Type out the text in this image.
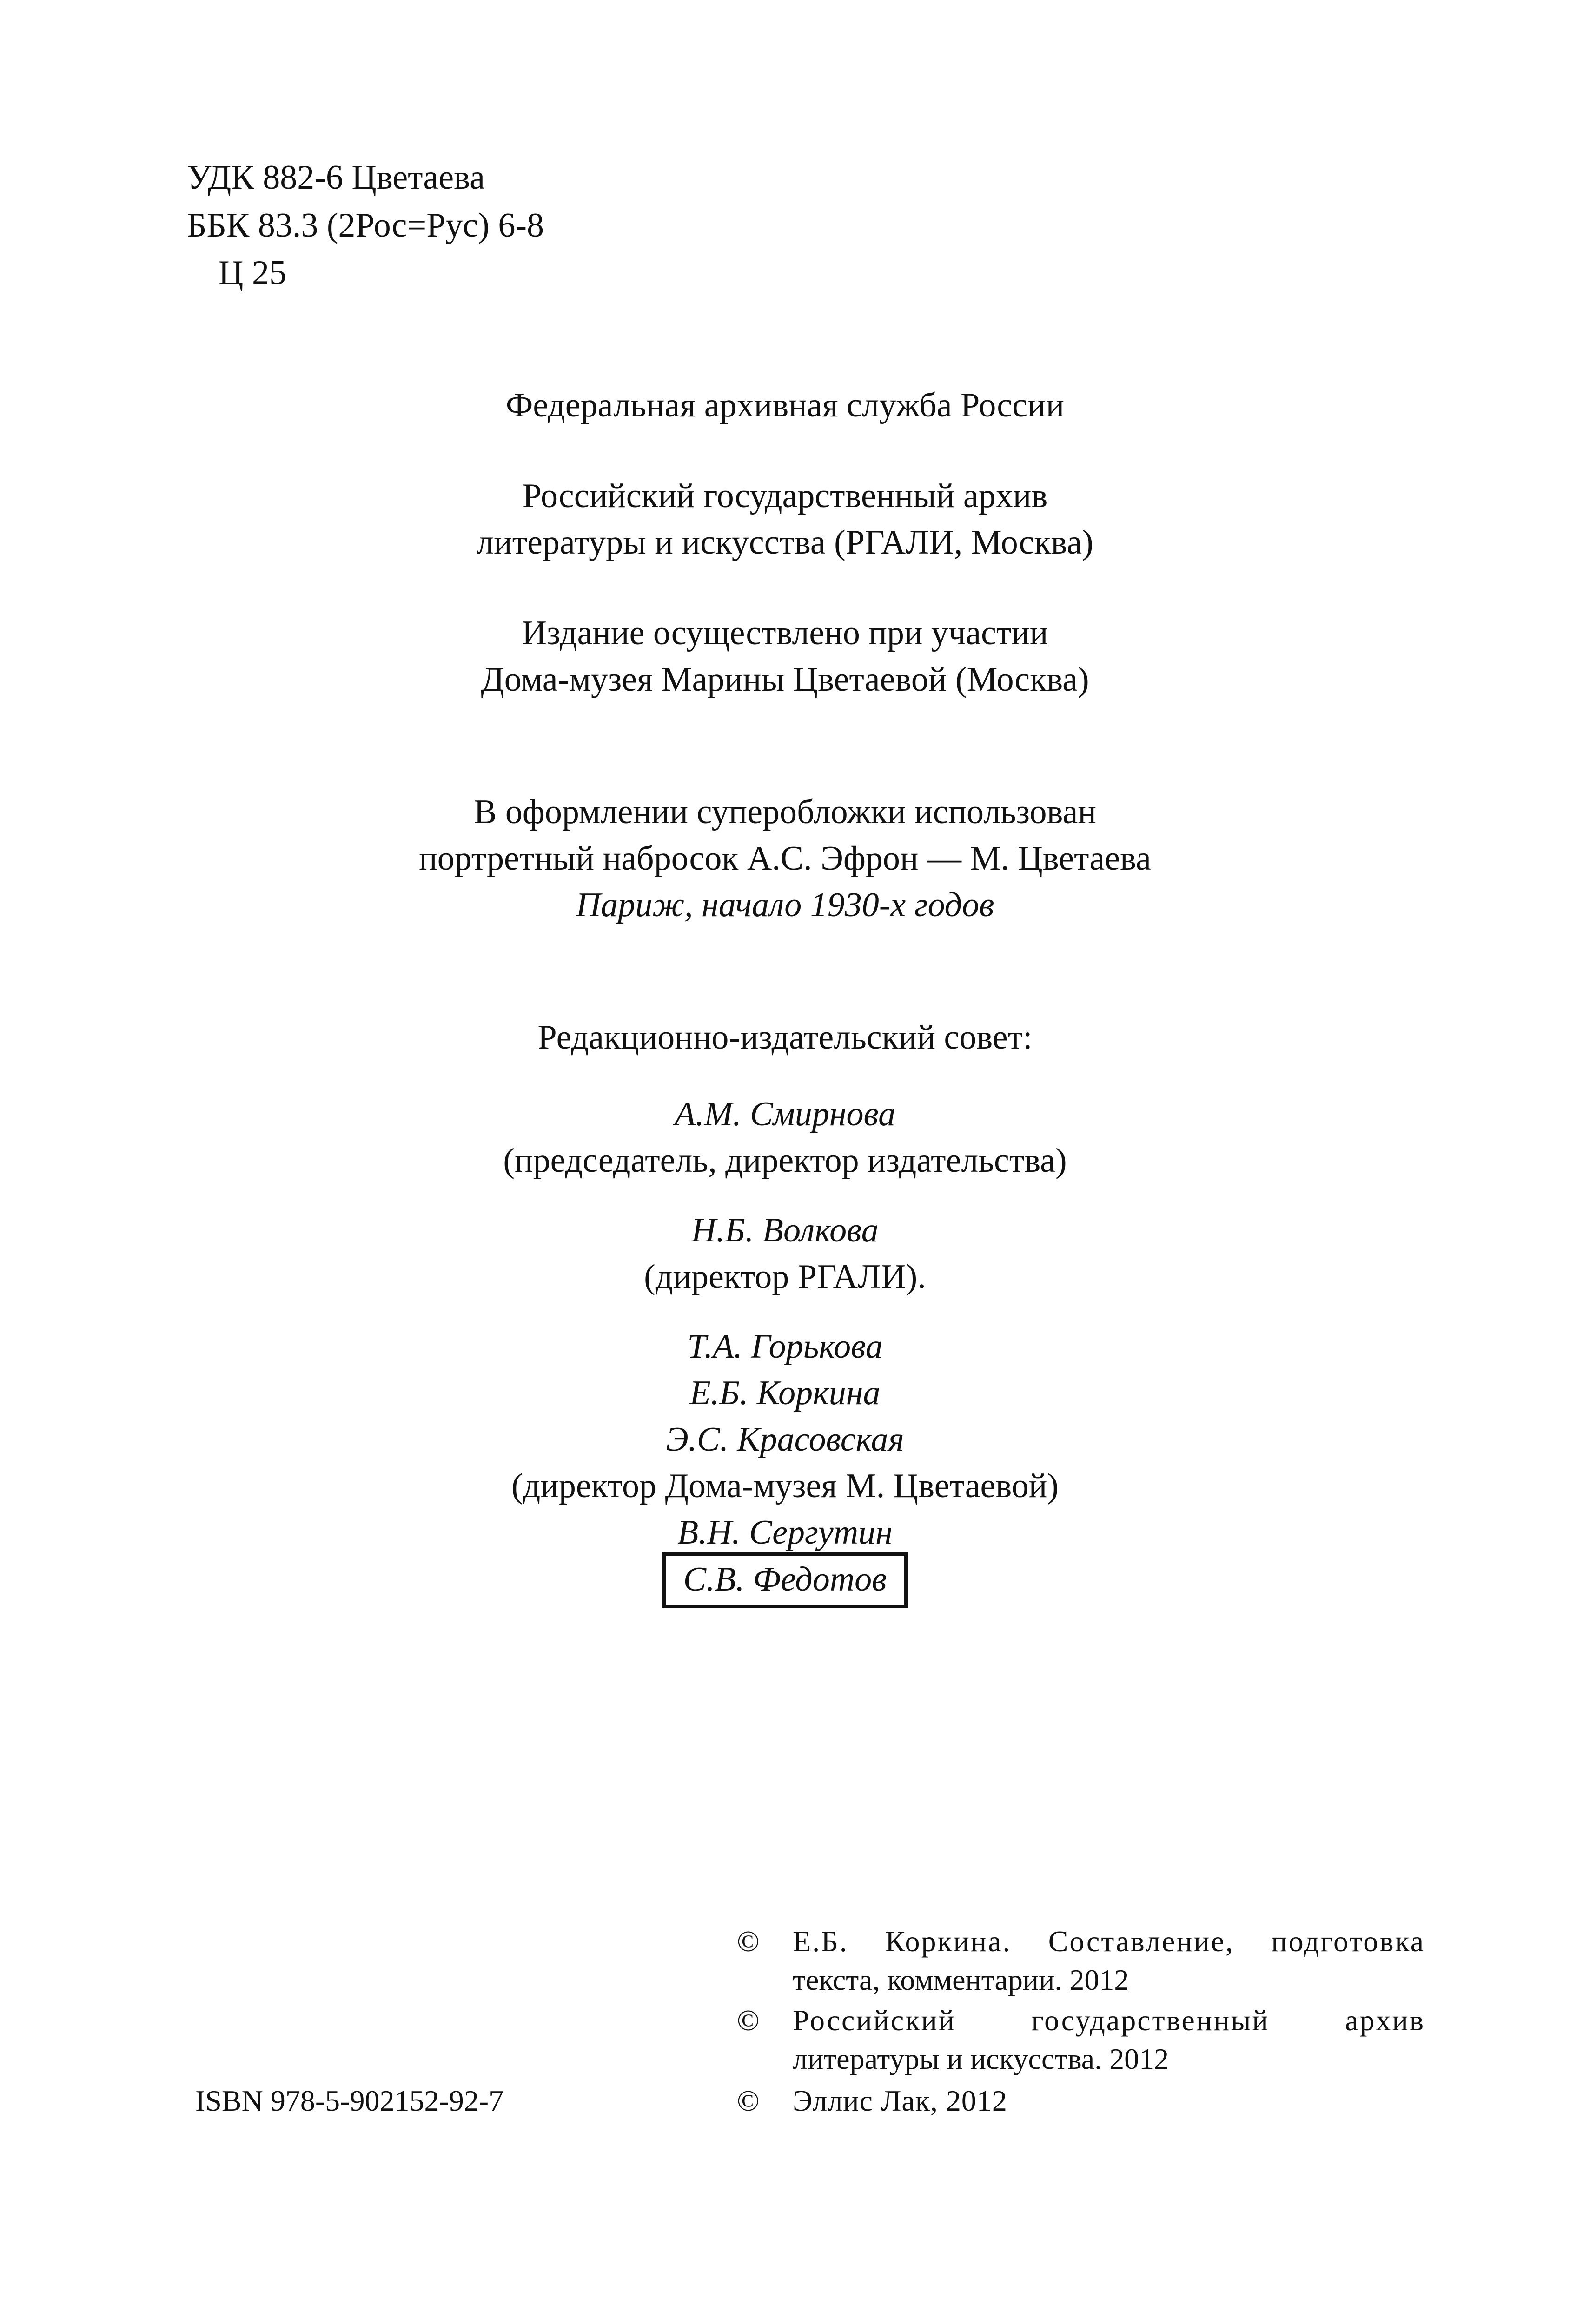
УДК 882-6 Цветаева
ББК 83.3 (2Рос=Рус) 6-8
Ц 25
Федеральная архивная служба России
Российский государственный архив
литературы и искусства (РГАЛИ, Москва)
Издание осуществлено при участии
Дома-музея Марины Цветаевой (Москва)
В оформлении суперобложки использован
портретный набросок А.С. Эфрон — М. Цветаева
Париж, начало 1930-х годов
Редакционно-издательский совет:
А.М. Смирнова
(председатель, директор издательства)
Н.Б. Волкова
(директор РГАЛИ).
Т.А. Горькова
Е.Б. Коркина
Э.С. Красовская
(директор Дома-музея М. Цветаевой)
В.Н. Сергутин
С.В. Федотов
ISBN 978-5-902152-92-7
©	Е.Б. Коркина. Составление, подготовка
текста, комментарии. 2012
©	Российский государственный архив
литературы и искусства. 2012
©	Эллис Лак, 2012
